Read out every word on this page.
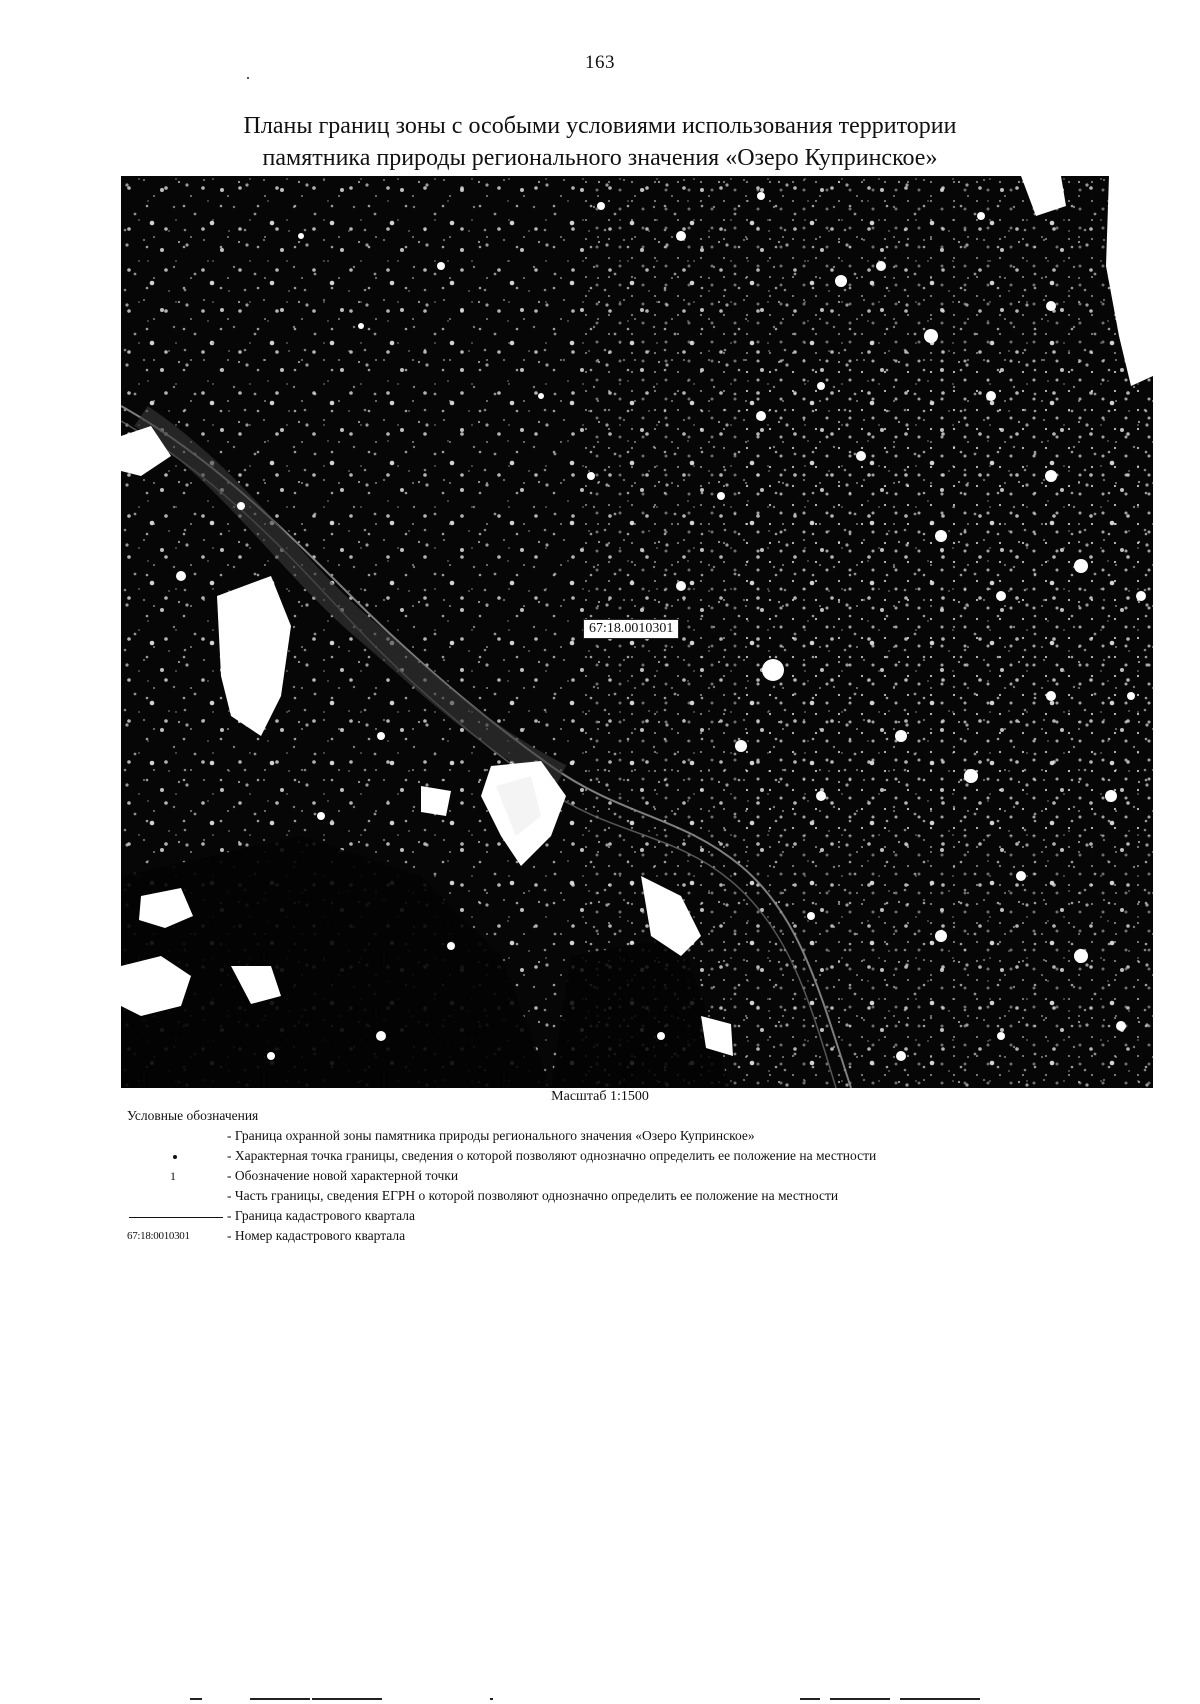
163
Планы границ зоны с особыми условиями использования территории
памятника природы регионального значения «Озеро Купринское»
С
Ю
67:18.0010301
Масштаб 1:1500
Условные обозначения
- Граница охранной зоны памятника природы регионального значения «Озеро Купринское»
- Характерная точка границы, сведения о которой позволяют однозначно определить ее положение на местности
1	- Обозначение новой характерной точки
- Часть границы, сведения ЕГРН о которой позволяют однозначно определить ее положение на местности
- Граница кадастрового квартала
67:18:0010301	- Номер кадастрового квартала
